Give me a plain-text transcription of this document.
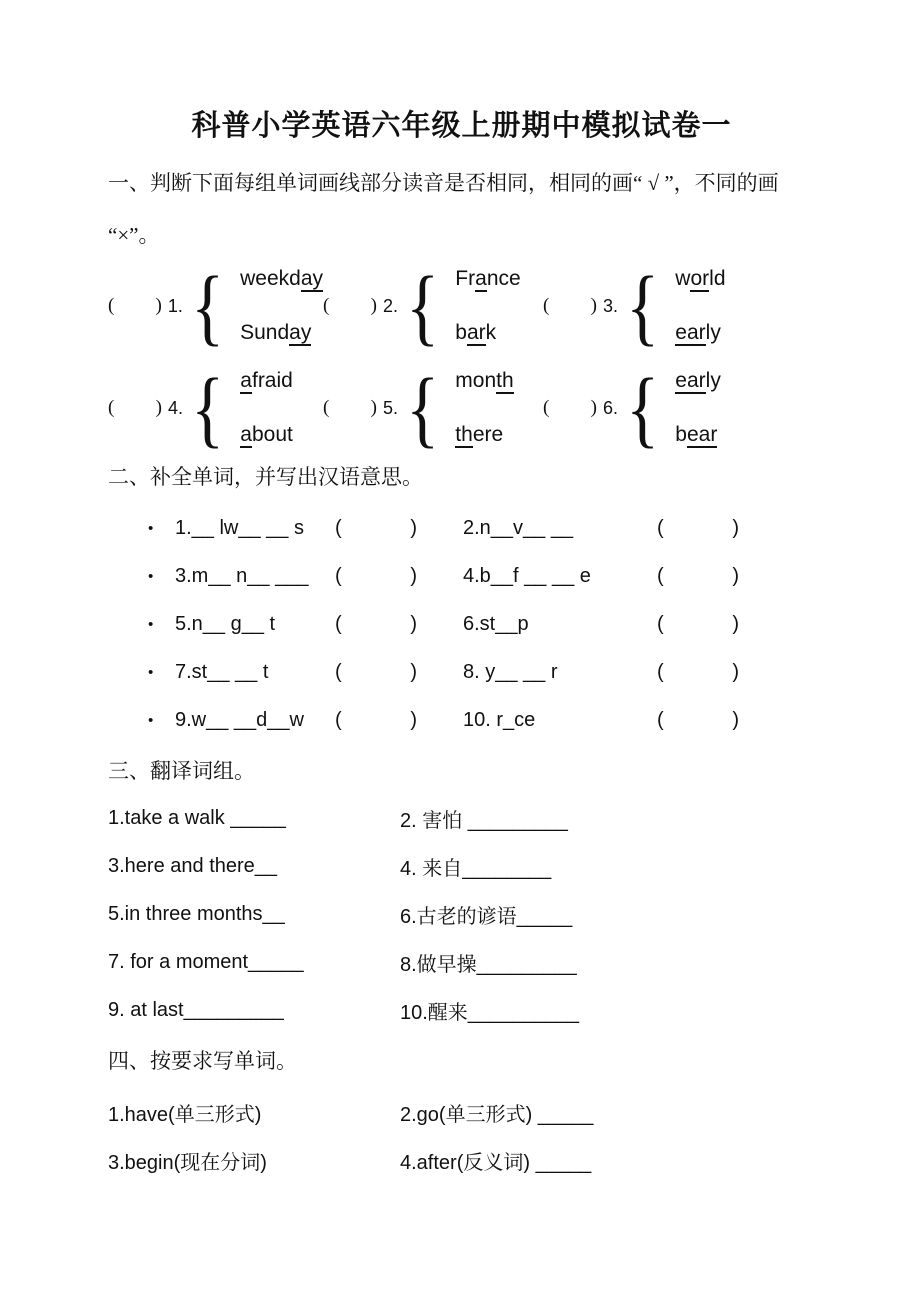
科普小学英语六年级上册期中模拟试卷一
一、判断下面每组单词画线部分读音是否相同，相同的画“ √ ”，不同的画
“×”。
( ) 1. { weekday
Sunday
( ) 2. { France
bark
( ) 3. { world
early
( ) 4. { afraid
about
( ) 5. { month
there
( ) 6. { early
bear
二、补全单词，并写出汉语意思。
•	1.__ lw__ __ s	(	) 2.n__v__ __	(	)
•	3.m__ n__ ___	(	) 4.b__f __ __ e	(	)
•	5.n__ g__ t	(	) 6.st__p	(	)
•	7.st__ __ t	(	) 8. y__ __ r	(	)
•	9.w__ __d__w	(	) 10. r_ce	(	)
三、翻译词组。
1.take a walk _____	2. 害怕 _________
3.here and there__	4. 来自________
5.in three months__	6.古老的谚语_____
7. for a moment_____	8.做早操_________
9. at last_________	10.醒来__________
四、按要求写单词。
1.have(单三形式)	2.go(单三形式) _____
3.begin(现在分词)	4.after(反义词) _____
